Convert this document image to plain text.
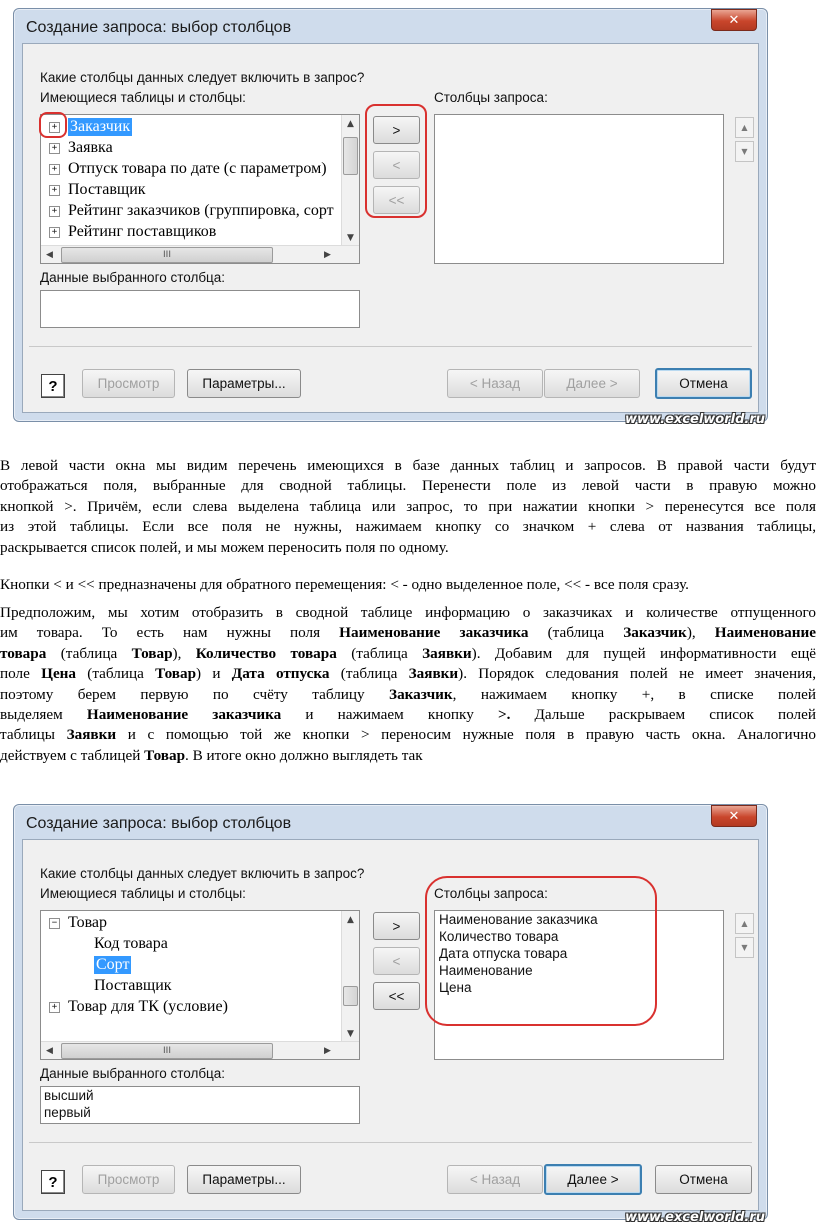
Создание запроса: выбор столбцов	✕
Какие столбцы данных следует включить в запрос?
Имеющиеся таблицы и столбцы:	Столбцы запроса:
+ Заказчик
+ Заявка
+ Отпуск товара по дате (с параметром)
+ Поставщик
+ Рейтинг заказчиков (группировка, сорт
+ Рейтинг поставщиков
▲
▼
◀	III	▶
>
<
<<
▲
▼
Данные выбранного столбца:
?	Просмотр	Параметры...	< Назад	Далее >	Отмена
www.excelworld.ru
В левой части окна мы видим перечень имеющихся в базе данных таблиц и запросов. В правой части будут
отображаться поля, выбранные для сводной таблицы. Перенести поле из левой части в правую можно
кнопкой >. Причём, если слева выделена таблица или запрос, то при нажатии кнопки > перенесутся все поля
из этой таблицы. Если все поля не нужны, нажимаем кнопку со значком + слева от названия таблицы,
раскрывается список полей, и мы можем переносить поля по одному.
Кнопки < и << предназначены для обратного перемещения: < - одно выделенное поле, << - все поля сразу.
Предположим, мы хотим отобразить в сводной таблице информацию о заказчиках и количестве отпущенного
им товара. То есть нам нужны поля Наименование заказчика (таблица Заказчик), Наименование
товара (таблица Товар), Количество товара (таблица Заявки). Добавим для пущей информативности ещё
поле Цена (таблица Товар) и Дата отпуска (таблица Заявки). Порядок следования полей не имеет значения,
поэтому берем первую по счёту таблицу Заказчик, нажимаем кнопку +, в списке полей
выделяем Наименование заказчика и нажимаем кнопку >. Дальше раскрываем список полей
таблицы Заявки и с помощью той же кнопки > переносим нужные поля в правую часть окна. Аналогично
действуем с таблицей Товар. В итоге окно должно выглядеть так
Создание запроса: выбор столбцов	✕
Какие столбцы данных следует включить в запрос?
Имеющиеся таблицы и столбцы:	Столбцы запроса:
− Товар
Код товара
Сорт
Поставщик
+ Товар для ТК (условие)
▲
▼
◀	III	▶
>
<
<<
Наименование заказчика
Количество товара
Дата отпуска товара
Наименование
Цена
▲
▼
Данные выбранного столбца:
высший
первый
?	Просмотр	Параметры...	< Назад	Далее >	Отмена
www.excelworld.ru
